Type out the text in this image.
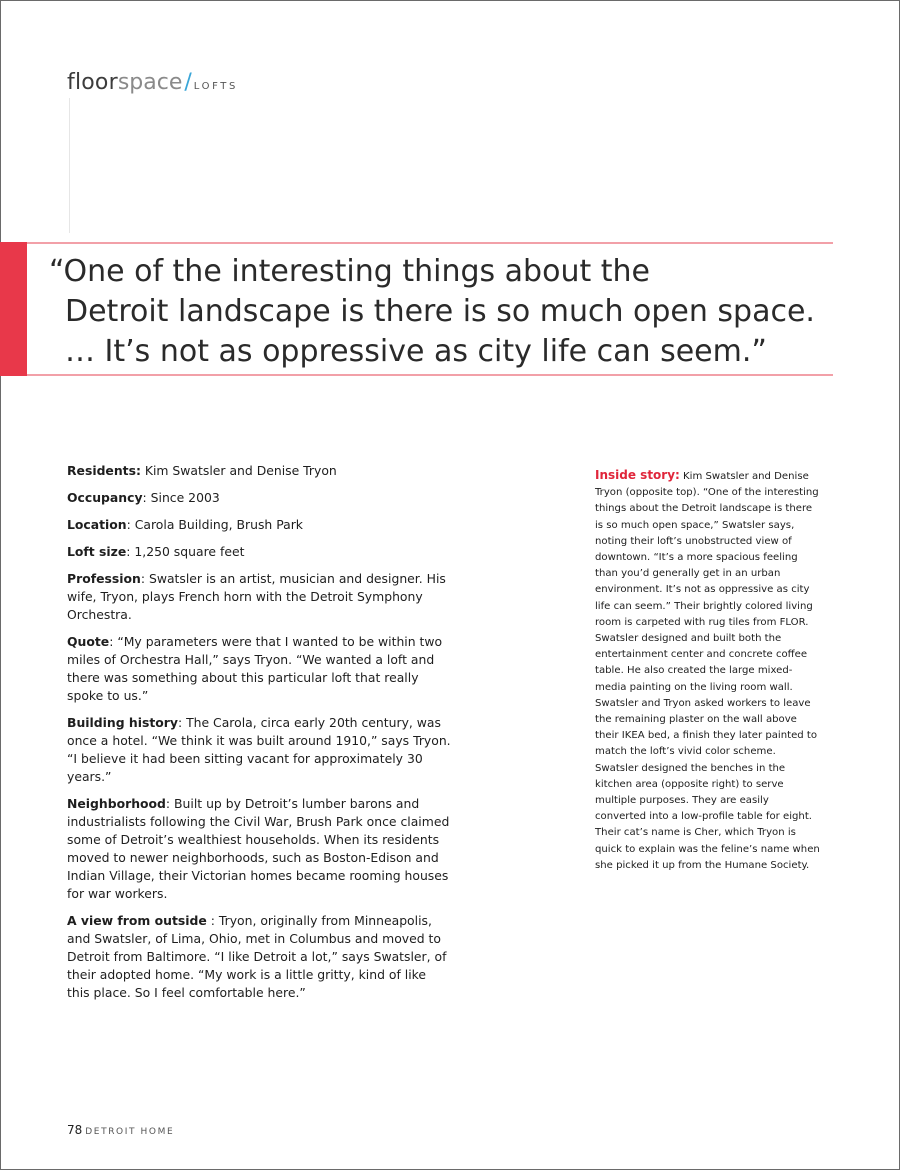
floorspace/ LOFTS
“One of the interesting things about the
Detroit landscape is there is so much open space.
… It’s not as oppressive as city life can seem.”

Residents: Kim Swatsler and Denise Tryon

Occupancy: Since 2003

Location: Carola Building, Brush Park

Loft size: 1,250 square feet

Profession: Swatsler is an artist, musician and designer. His wife, Tryon, plays French horn with the Detroit Symphony Orchestra.

Quote: “My parameters were that I wanted to be within two miles of Orchestra Hall,” says Tryon. “We wanted a loft and there was something about this particular loft that really spoke to us.”

Building history: The Carola, circa early 20th century, was once a hotel. “We think it was built around 1910,” says Tryon. “I believe it had been sitting vacant for approximately 30 years.”

Neighborhood: Built up by Detroit’s lumber barons and industrialists following the Civil War, Brush Park once claimed some of Detroit’s wealthiest households. When its residents moved to newer neighborhoods, such as Boston-Edison and Indian Village, their Victorian homes became rooming houses for war workers.

A view from outside : Tryon, originally from Minneapolis, and Swatsler, of Lima, Ohio, met in Columbus and moved to Detroit from Baltimore. “I like Detroit a lot,” says Swatsler, of their adopted home. “My work is a little gritty, kind of like this place. So I feel comfortable here.”

Inside story: Kim Swatsler and Denise Tryon (opposite top). “One of the interesting things about the Detroit landscape is there is so much open space,” Swatsler says, noting their loft’s unobstructed view of downtown. “It’s a more spacious feeling than you’d generally get in an urban environment. It’s not as oppressive as city life can seem.” Their brightly colored living room is carpeted with rug tiles from FLOR. Swatsler designed and built both the entertainment center and concrete coffee table. He also created the large mixed-media painting on the living room wall. Swatsler and Tryon asked workers to leave the remaining plaster on the wall above their IKEA bed, a finish they later painted to match the loft’s vivid color scheme. Swatsler designed the benches in the kitchen area (opposite right) to serve multiple purposes. They are easily converted into a low-profile table for eight. Their cat’s name is Cher, which Tryon is quick to explain was the feline’s name when she picked it up from the Humane Society.

78 DETROIT HOME
